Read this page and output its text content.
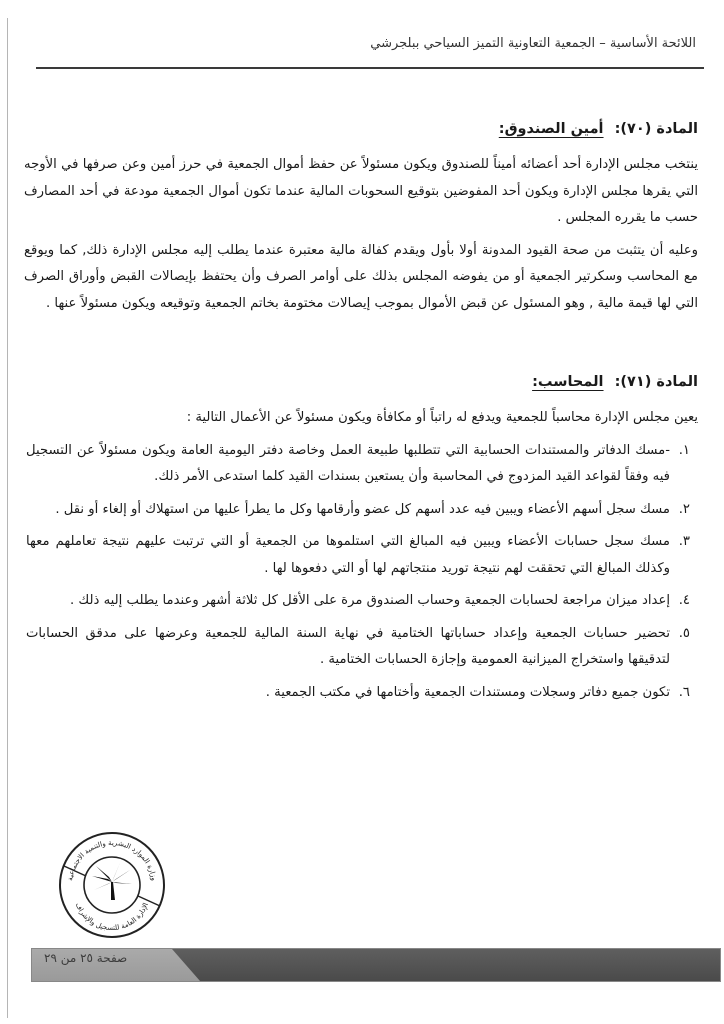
اللائحة الأساسية – الجمعية التعاونية التميز السياحي ببلجرشي
المادة (٧٠): أمين الصندوق:

ينتخب مجلس الإدارة أحد أعضائه أميناً للصندوق ويكون مسئولاً عن حفظ أموال الجمعية في حرز أمين وعن صرفها في الأوجه التي يقرها مجلس الإدارة ويكون أحد المفوضين بتوقيع السحوبات المالية عندما تكون أموال الجمعية مودعة في أحد المصارف حسب ما يقرره المجلس .

وعليه أن يتثبت من صحة القيود المدونة أولا بأول ويقدم كفالة مالية معتبرة عندما يطلب إليه مجلس الإدارة ذلك, كما ويوقع مع المحاسب وسكرتير الجمعية أو من يفوضه المجلس بذلك على أوامر الصرف وأن يحتفظ بإيصالات القبض وأوراق الصرف التي لها قيمة مالية , وهو المسئول عن قبض الأموال بموجب إيصالات مختومة بخاتم الجمعية وتوقيعه ويكون مسئولاً عنها .

المادة (٧١): المحاسب:

يعين مجلس الإدارة محاسباً للجمعية ويدفع له راتباً أو مكافأة ويكون مسئولاً عن الأعمال التالية :

١.
-مسك الدفاتر والمستندات الحسابية التي تتطلبها طبيعة العمل وخاصة دفتر اليومية العامة ويكون مسئولاً عن التسجيل فيه وفقاً لقواعد القيد المزدوج في المحاسبة وأن يستعين بسندات القيد كلما استدعى الأمر ذلك.
٢.
مسك سجل أسهم الأعضاء ويبين فيه عدد أسهم كل عضو وأرقامها وكل ما يطرأ عليها من استهلاك أو إلغاء أو نقل .
٣.
مسك سجل حسابات الأعضاء ويبين فيه المبالغ التي استلموها من الجمعية أو التي ترتبت عليهم نتيجة تعاملهم معها وكذلك المبالغ التي تحققت لهم نتيجة توريد منتجاتهم لها أو التي دفعوها لها .
٤.
إعداد ميزان مراجعة لحسابات الجمعية وحساب الصندوق مرة على الأقل كل ثلاثة أشهر وعندما يطلب إليه ذلك .
٥.
تحضير حسابات الجمعية وإعداد حساباتها الختامية في نهاية السنة المالية للجمعية وعرضها على مدقق الحسابات لتدقيقها واستخراج الميزانية العمومية وإجازة الحسابات الختامية .
٦.
تكون جميع دفاتر وسجلات ومستندات الجمعية وأختامها في مكتب الجمعية .
وزارة الموارد البشرية والتنمية الاجتماعية
الإدارة العامة للتسجيل والإشراف
صفحة ٢٥ من ٢٩
